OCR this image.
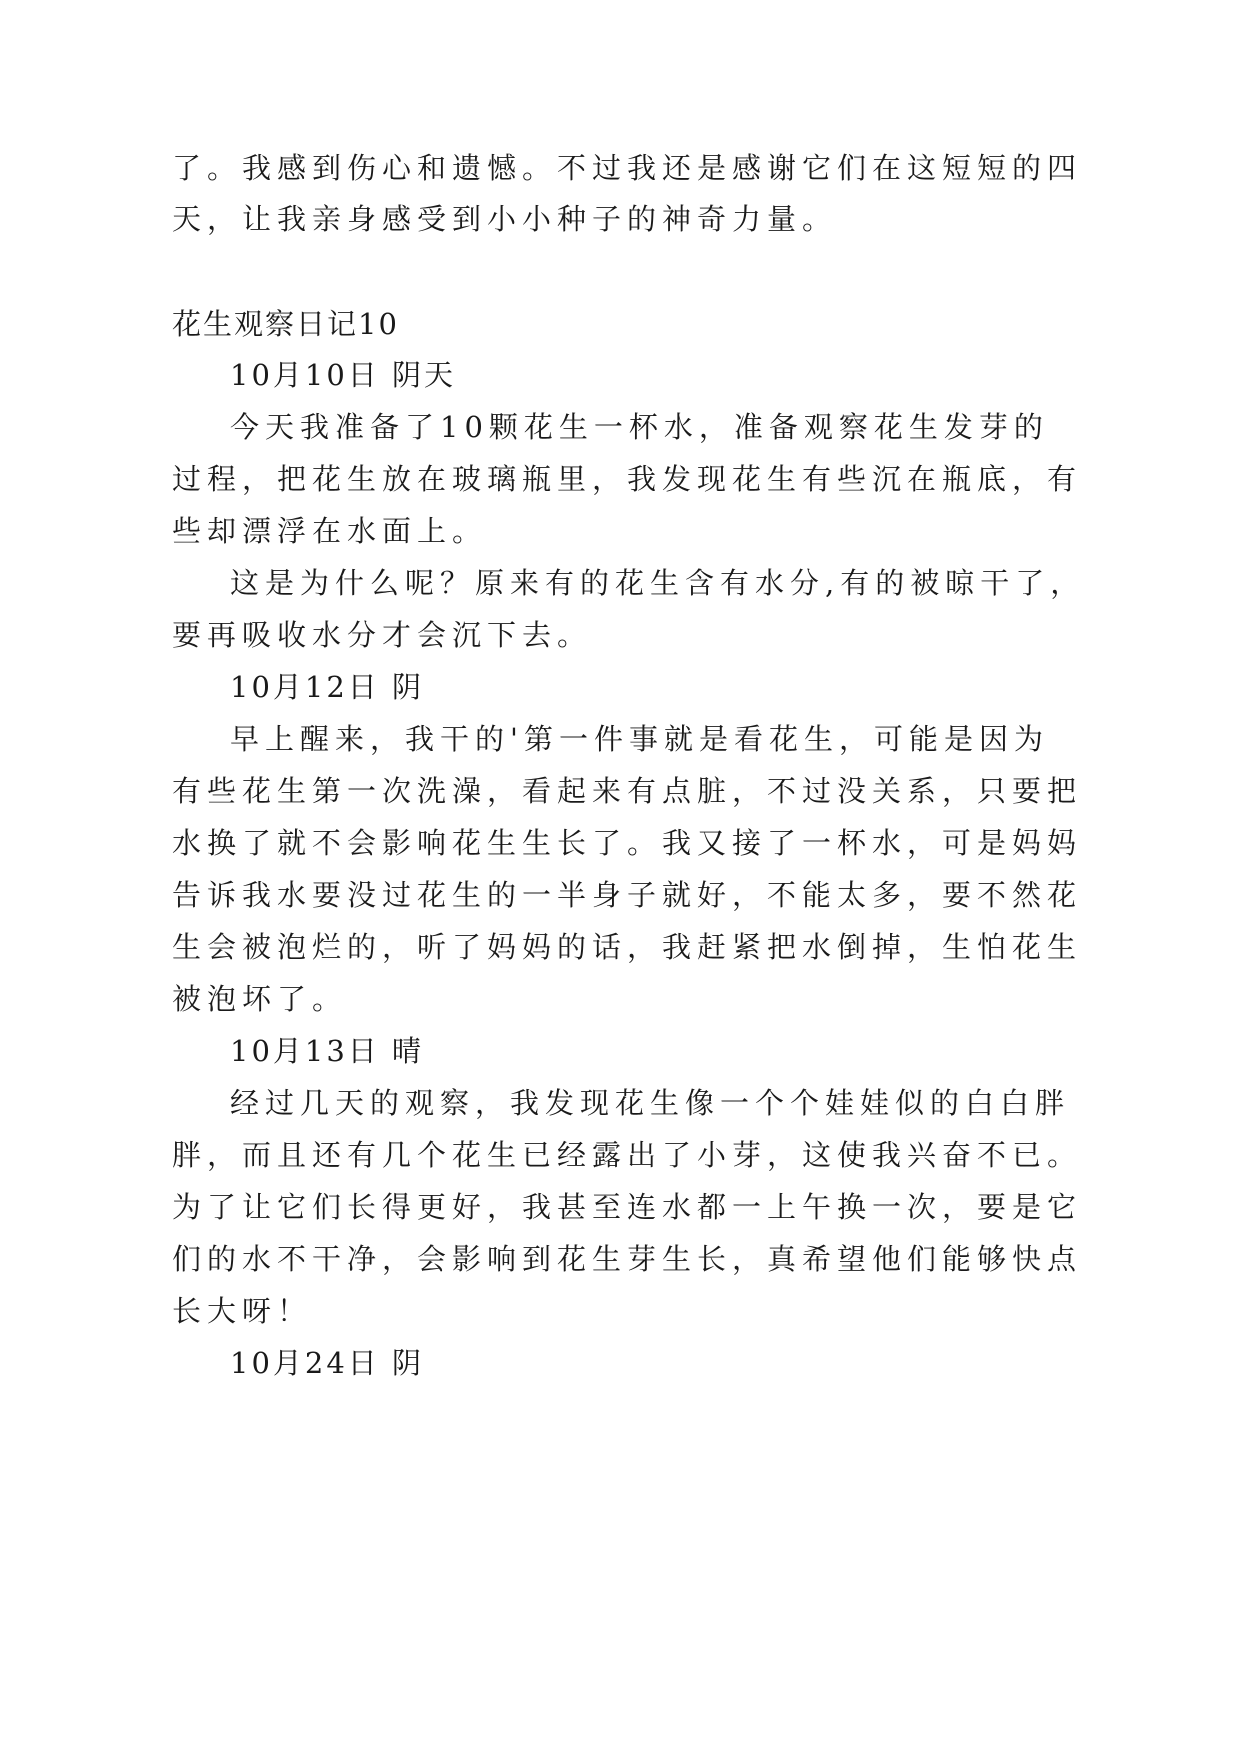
了。我感到伤心和遗憾。不过我还是感谢它们在这短短的四
天，让我亲身感受到小小种子的神奇力量。
花生观察日记10
10月10日 阴天
今天我准备了10颗花生一杯水，准备观察花生发芽的
过程，把花生放在玻璃瓶里，我发现花生有些沉在瓶底，有
些却漂浮在水面上。
这是为什么呢？原来有的花生含有水分,有的被晾干了，
要再吸收水分才会沉下去。
10月12日 阴
早上醒来，我干的'第一件事就是看花生，可能是因为
有些花生第一次洗澡，看起来有点脏，不过没关系，只要把
水换了就不会影响花生生长了。我又接了一杯水，可是妈妈
告诉我水要没过花生的一半身子就好，不能太多，要不然花
生会被泡烂的，听了妈妈的话，我赶紧把水倒掉，生怕花生
被泡坏了。
10月13日 晴
经过几天的观察，我发现花生像一个个娃娃似的白白胖
胖，而且还有几个花生已经露出了小芽，这使我兴奋不已。
为了让它们长得更好，我甚至连水都一上午换一次，要是它
们的水不干净，会影响到花生芽生长，真希望他们能够快点
长大呀！
10月24日 阴
